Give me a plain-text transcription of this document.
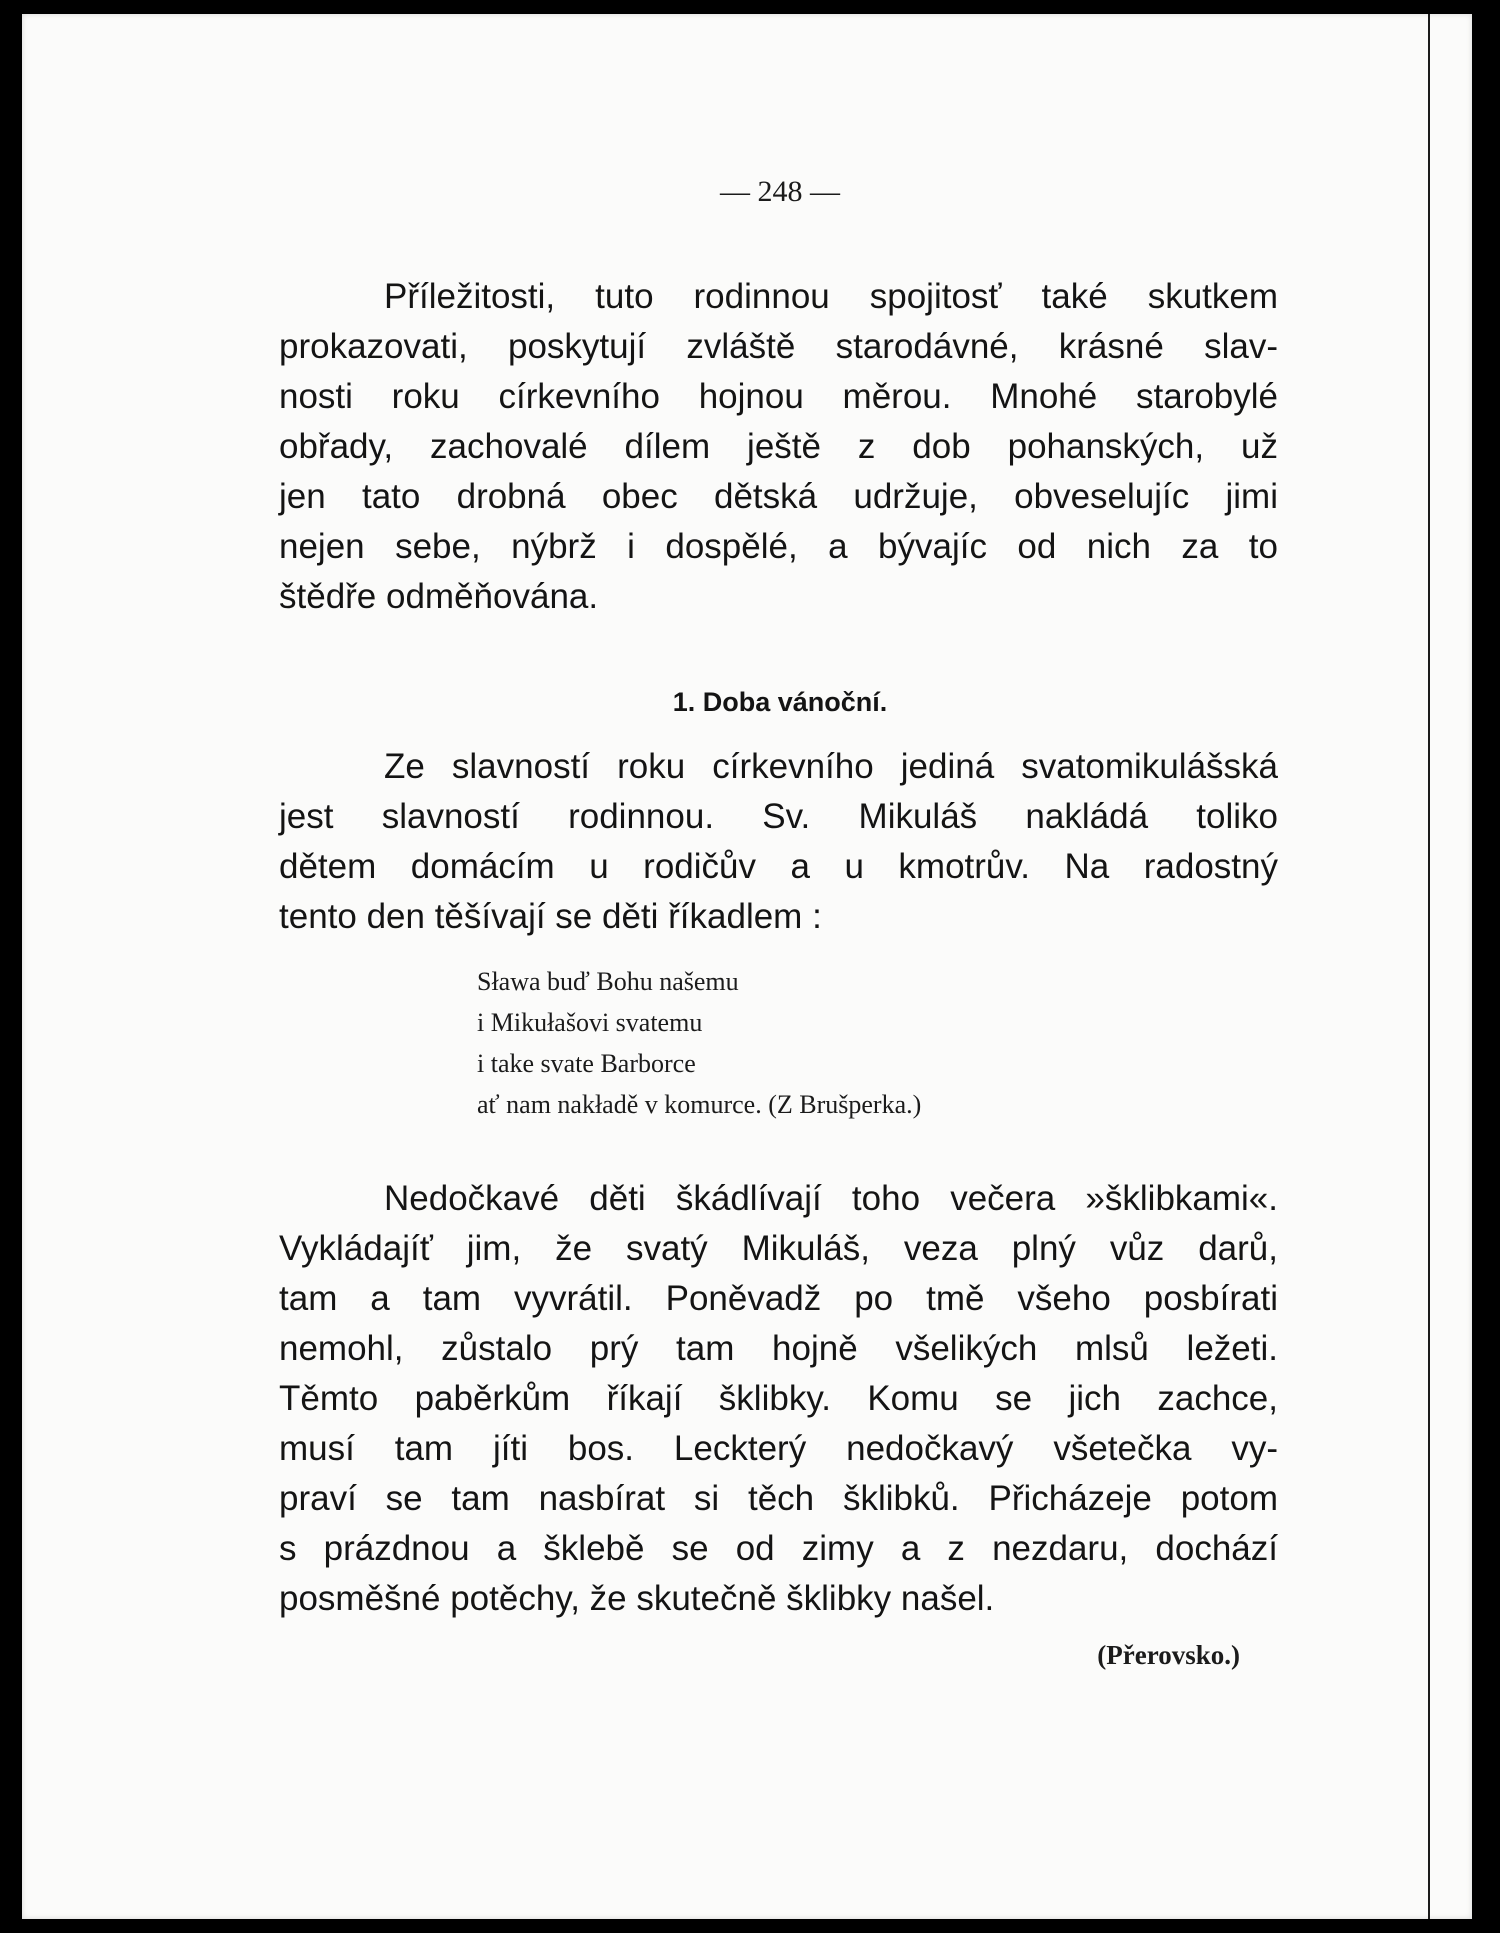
— 248 —

Příležitosti, tuto rodinnou spojitosť také skutkem
prokazovati, poskytují zvláště starodávné, krásné slav-
nosti roku církevního hojnou měrou. Mnohé starobylé
obřady, zachovalé dílem ještě z dob pohanských, už
jen tato drobná obec dětská udržuje, obveselujíc jimi
nejen sebe, nýbrž i dospělé, a bývajíc od nich za to
štědře odměňována.

1. Doba vánoční.

Ze slavností roku církevního jediná svatomikulášská
jest slavností rodinnou. Sv. Mikuláš nakládá toliko
dětem domácím u rodičův a u kmotrův. Na radostný
tento den těšívají se děti říkadlem :

Sława buď Bohu našemu
i Mikułašovi svatemu
i take svate Barborce
ať nam nakładě v komurce. (Z Brušperka.)

Nedočkavé děti škádlívají toho večera »šklibkami«.
Vykládajíť jim, že svatý Mikuláš, veza plný vůz darů,
tam a tam vyvrátil. Poněvadž po tmě všeho posbírati
nemohl, zůstalo prý tam hojně všelikých mlsů ležeti.
Těmto paběrkům říkají šklibky. Komu se jich zachce,
musí tam jíti bos. Leckterý nedočkavý všetečka vy-
praví se tam nasbírat si těch šklibků. Přicházeje potom
s prázdnou a šklebě se od zimy a z nezdaru, dochází
posměšné potěchy, že skutečně šklibky našel.

(Přerovsko.)
